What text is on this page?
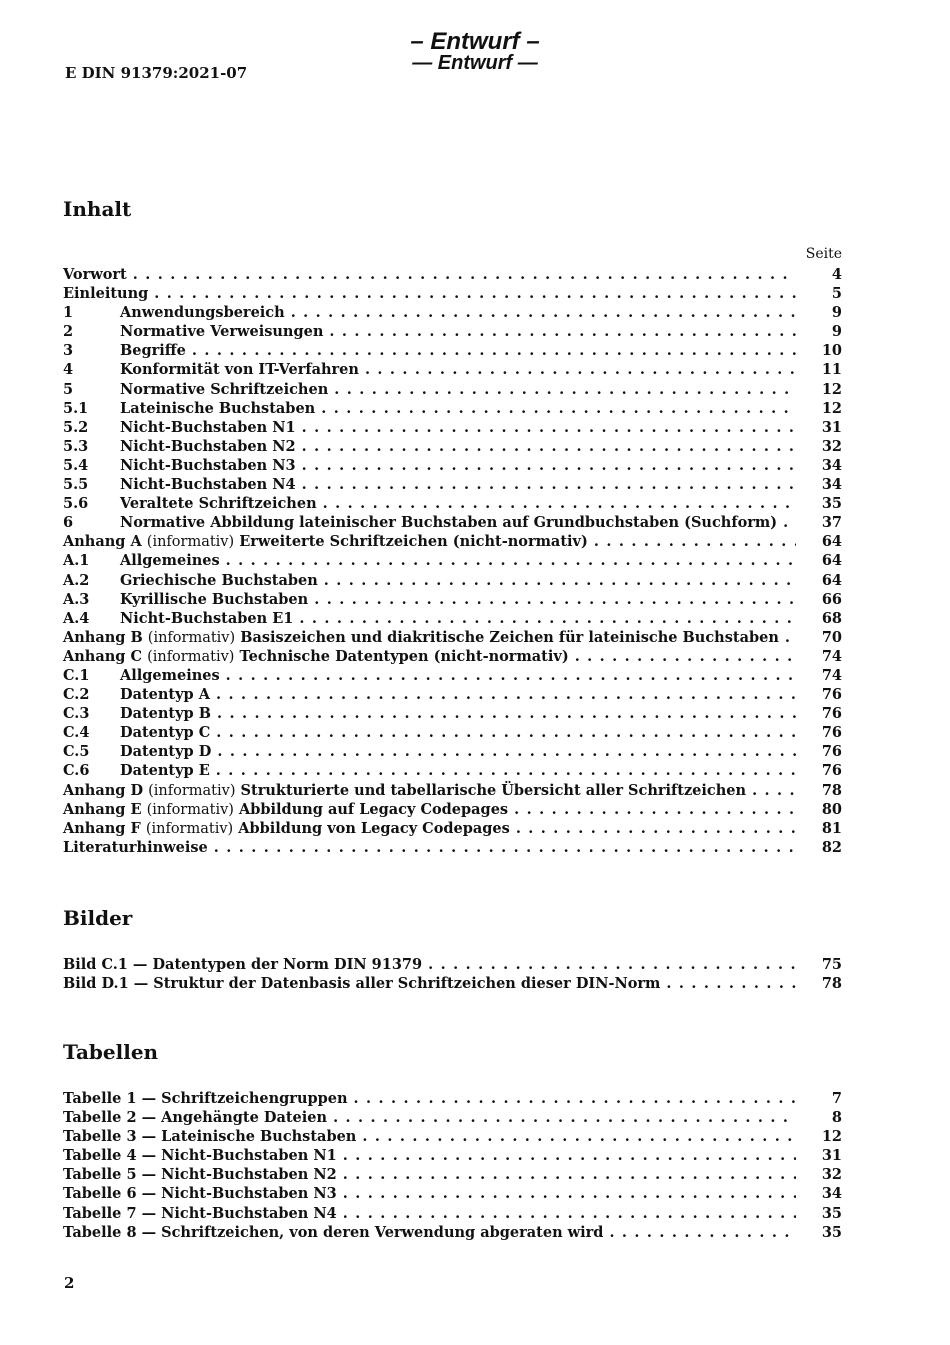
– Entwurf –
— Entwurf —
E DIN 91379:2021-07
Inhalt
Seite
Vorwort . . .	4
Einleitung . . .	5
1	Anwendungsbereich . . .	9
2	Normative Verweisungen . . .	9
3	Begriffe . . .	10
4	Konformität von IT-Verfahren . . .	11
5	Normative Schriftzeichen . . .	12
5.1	Lateinische Buchstaben . . .	12
5.2	Nicht-Buchstaben N1 . . .	31
5.3	Nicht-Buchstaben N2 . . .	32
5.4	Nicht-Buchstaben N3 . . .	34
5.5	Nicht-Buchstaben N4 . . .	34
5.6	Veraltete Schriftzeichen . . .	35
6	Normative Abbildung lateinischer Buchstaben auf Grundbuchstaben (Suchform) . . .	37
Anhang A (informativ) Erweiterte Schriftzeichen (nicht-normativ) . . .	64
A.1	Allgemeines . . .	64
A.2	Griechische Buchstaben . . .	64
A.3	Kyrillische Buchstaben . . .	66
A.4	Nicht-Buchstaben E1 . . .	68
Anhang B (informativ) Basiszeichen und diakritische Zeichen für lateinische Buchstaben . . .	70
Anhang C (informativ) Technische Datentypen (nicht-normativ) . . .	74
C.1	Allgemeines . . .	74
C.2	Datentyp A . . .	76
C.3	Datentyp B . . .	76
C.4	Datentyp C . . .	76
C.5	Datentyp D . . .	76
C.6	Datentyp E . . .	76
Anhang D (informativ) Strukturierte und tabellarische Übersicht aller Schriftzeichen . . .	78
Anhang E (informativ) Abbildung auf Legacy Codepages . . .	80
Anhang F (informativ) Abbildung von Legacy Codepages . . .	81
Literaturhinweise . . .	82
Bilder
Bild C.1 — Datentypen der Norm DIN 91379 . . .	75
Bild D.1 — Struktur der Datenbasis aller Schriftzeichen dieser DIN-Norm . . .	78
Tabellen
Tabelle 1 — Schriftzeichengruppen . . .	7
Tabelle 2 — Angehängte Dateien . . .	8
Tabelle 3 — Lateinische Buchstaben . . .	12
Tabelle 4 — Nicht-Buchstaben N1 . . .	31
Tabelle 5 — Nicht-Buchstaben N2 . . .	32
Tabelle 6 — Nicht-Buchstaben N3 . . .	34
Tabelle 7 — Nicht-Buchstaben N4 . . .	35
Tabelle 8 — Schriftzeichen, von deren Verwendung abgeraten wird . . .	35
2
